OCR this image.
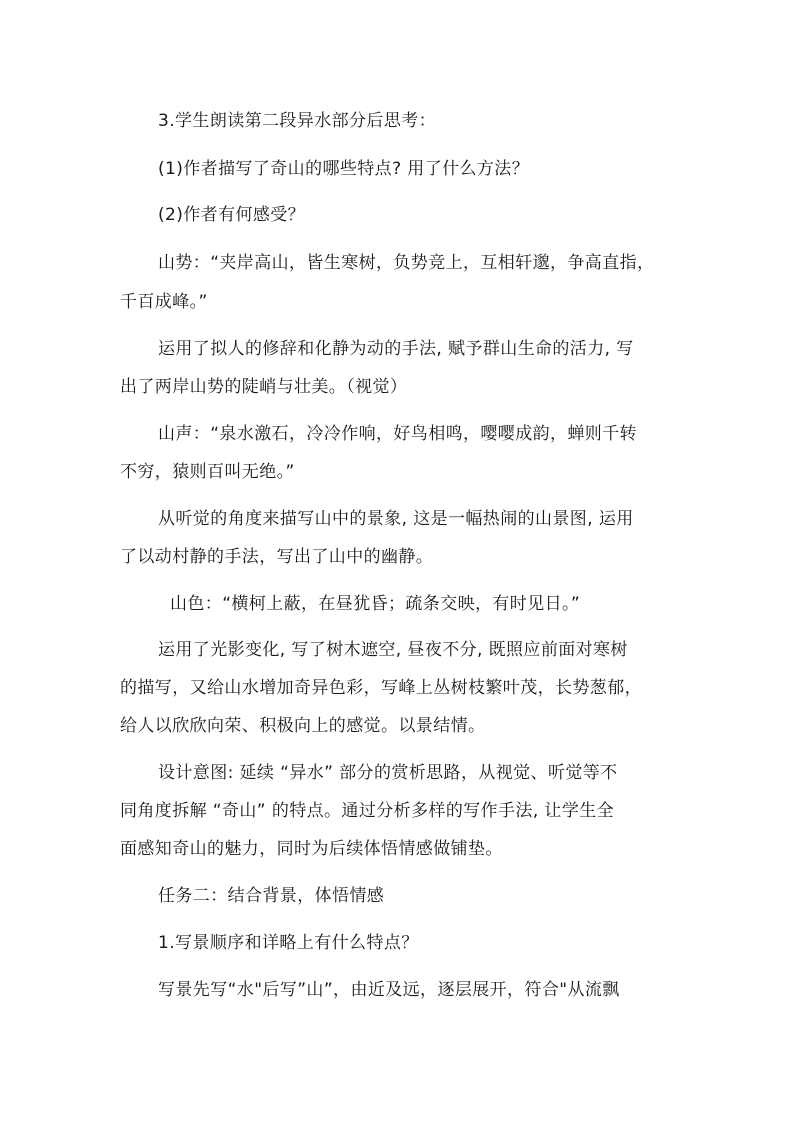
3.学生朗读第二段异水部分后思考：
(1)作者描写了奇山的哪些特点? 用了什么方法？
(2)作者有何感受？
山势：“夹岸高山，皆生寒树，负势竞上，互相轩邈，争高直指，
千百成峰。”
运用了拟人的修辞和化静为动的手法, 赋予群山生命的活力, 写
出了两岸山势的陡峭与壮美。（视觉）
山声：“泉水激石，冷冷作响，好鸟相鸣，嘤嘤成韵，蝉则千转
不穷，猿则百叫无绝。”
从听觉的角度来描写山中的景象, 这是一幅热闹的山景图, 运用
了以动村静的手法，写出了山中的幽静。
山色：“横柯上蔽，在昼犹昏；疏条交映，有时见日。”
运用了光影变化, 写了树木遮空, 昼夜不分, 既照应前面对寒树
的描写，又给山水增加奇异色彩，写峰上丛树枝繁叶茂，长势葱郁，
给人以欣欣向荣、积极向上的感觉。以景结情。
设计意图: 延续 “异水” 部分的赏析思路，从视觉、听觉等不
同角度拆解 “奇山” 的特点。通过分析多样的写作手法, 让学生全
面感知奇山的魅力，同时为后续体悟情感做铺垫。
任务二：结合背景，体悟情感
1.写景顺序和详略上有什么特点？
写景先写“水"后写”山”，由近及远，逐层展开，符合"从流飘
